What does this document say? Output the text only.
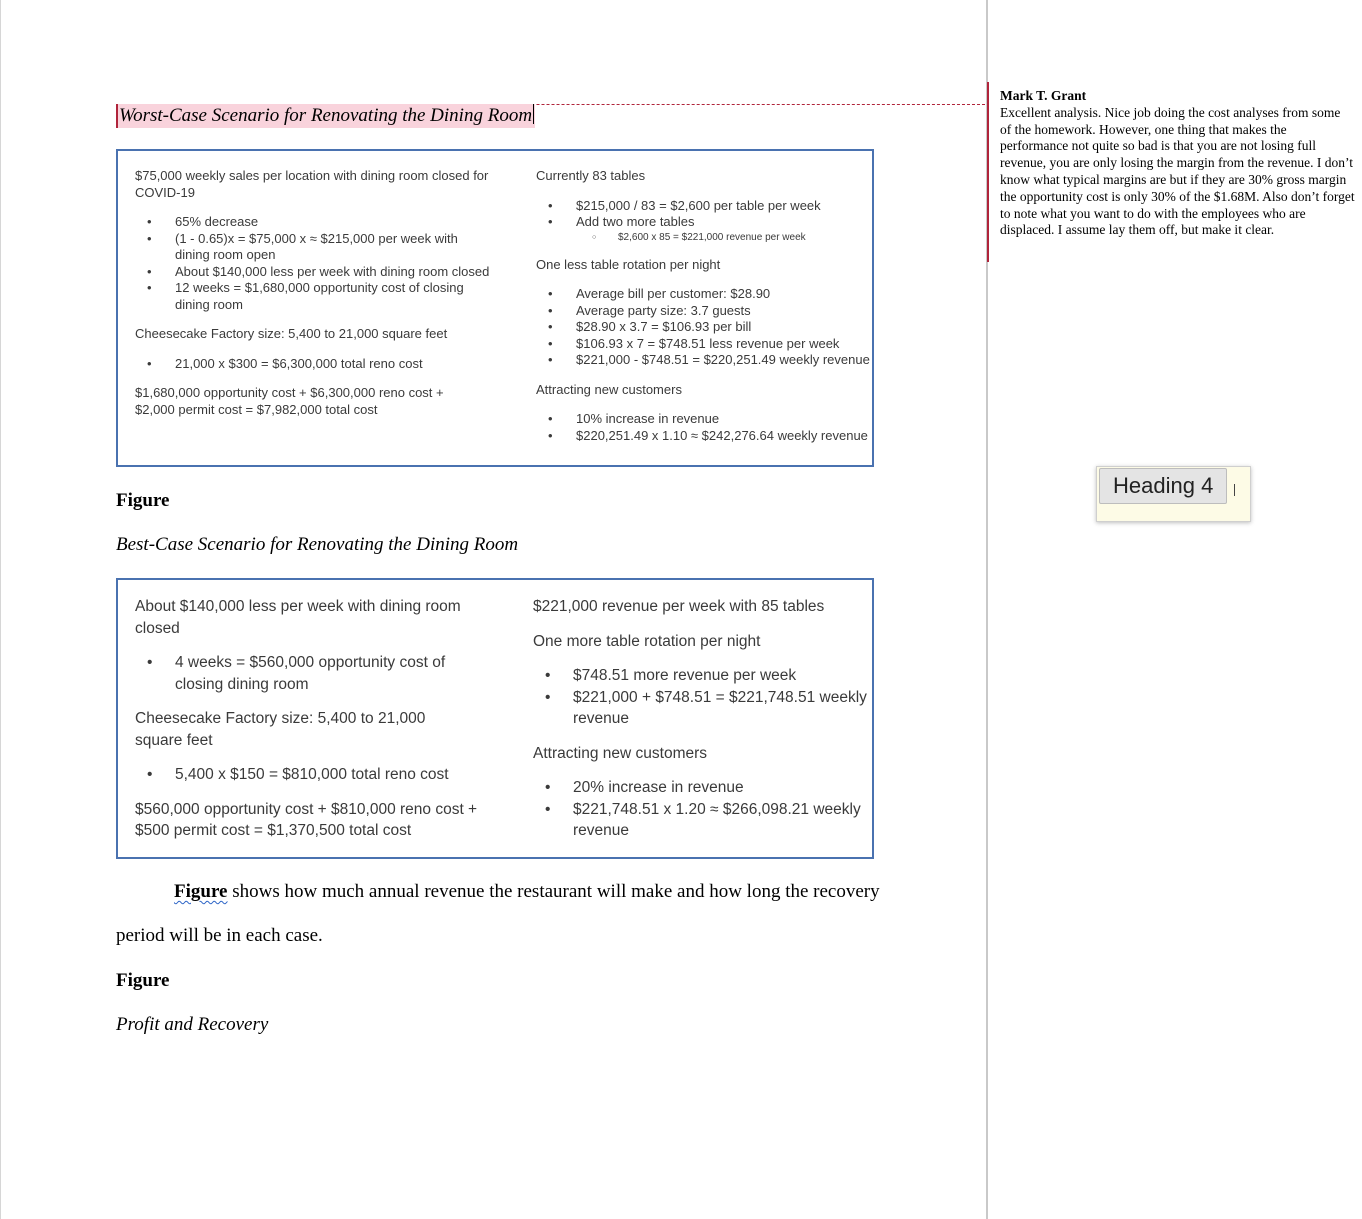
Worst-Case Scenario for Renovating the Dining Room

$75,000 weekly sales per location with dining room closed for COVID-19

• 65% decrease
• (1 - 0.65)x = $75,000 x ≈ $215,000 per week with dining room open
• About $140,000 less per week with dining room closed
• 12 weeks = $1,680,000 opportunity cost of closing dining room

Cheesecake Factory size: 5,400 to 21,000 square feet

• 21,000 x $300 = $6,300,000 total reno cost

$1,680,000 opportunity cost + $6,300,000 reno cost + $2,000 permit cost = $7,982,000 total cost

Currently 83 tables

• $215,000 / 83 = $2,600 per table per week
• Add two more tables
○ $2,600 x 85 = $221,000 revenue per week

One less table rotation per night

• Average bill per customer: $28.90
• Average party size: 3.7 guests
• $28.90 x 3.7 = $106.93 per bill
• $106.93 x 7 = $748.51 less revenue per week
• $221,000 - $748.51 = $220,251.49 weekly revenue

Attracting new customers

• 10% increase in revenue
• $220,251.49 x 1.10 ≈ $242,276.64 weekly revenue
Figure
Best-Case Scenario for Renovating the Dining Room

About $140,000 less per week with dining room closed

• 4 weeks = $560,000 opportunity cost of closing dining room

Cheesecake Factory size: 5,400 to 21,000 square feet

• 5,400 x $150 = $810,000 total reno cost

$560,000 opportunity cost + $810,000 reno cost + $500 permit cost = $1,370,500 total cost

$221,000 revenue per week with 85 tables

One more table rotation per night

• $748.51 more revenue per week
• $221,000 + $748.51 = $221,748.51 weekly revenue

Attracting new customers

• 20% increase in revenue
• $221,748.51 x 1.20 ≈ $266,098.21 weekly revenue
Figure shows how much annual revenue the restaurant will make and how long the recovery period will be in each case.
Figure
Profit and Recovery
Mark T. Grant
Excellent analysis. Nice job doing the cost analyses from some of the homework. However, one thing that makes the performance not quite so bad is that you are not losing full revenue, you are only losing the margin from the revenue. I don’t know what typical margins are but if they are 30% gross margin the opportunity cost is only 30% of the $1.68M. Also don’t forget to note what you want to do with the employees who are displaced. I assume lay them off, but make it clear.
Heading 4
